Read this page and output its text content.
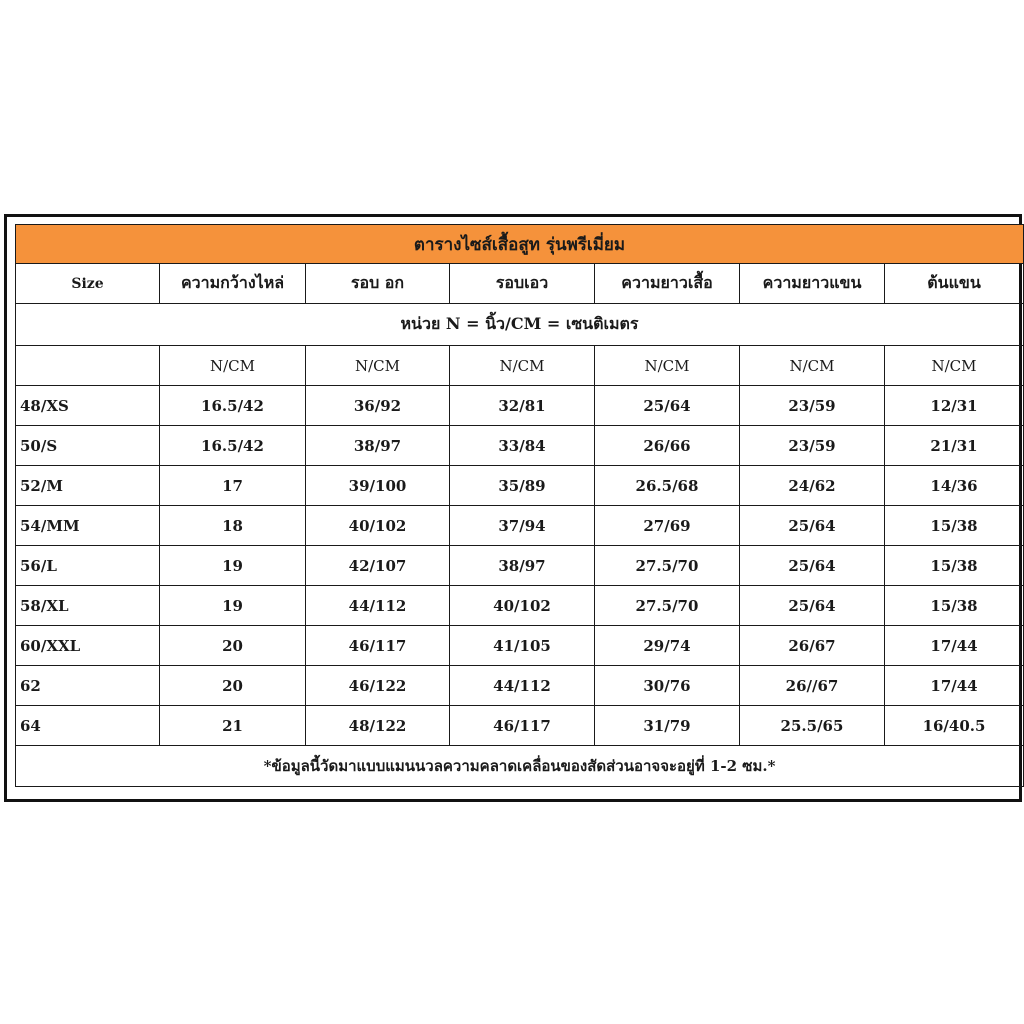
ตารางไซส์เสื้อสูท รุ่นพรีเมี่ยม						
Size	ความกว้างไหล่	รอบ อก	รอบเอว	ความยาวเสื้อ	ความยาวแขน	ต้นแขน
หน่วย N = นิ้ว/CM = เซนติเมตร						
	N/CM	N/CM	N/CM	N/CM	N/CM	N/CM
48/XS	16.5/42	36/92	32/81	25/64	23/59	12/31
50/S	16.5/42	38/97	33/84	26/66	23/59	21/31
52/M	17	39/100	35/89	26.5/68	24/62	14/36
54/MM	18	40/102	37/94	27/69	25/64	15/38
56/L	19	42/107	38/97	27.5/70	25/64	15/38
58/XL	19	44/112	40/102	27.5/70	25/64	15/38
60/XXL	20	46/117	41/105	29/74	26/67	17/44
62	20	46/122	44/112	30/76	26//67	17/44
64	21	48/122	46/117	31/79	25.5/65	16/40.5
*ข้อมูลนี้วัดมาแบบแมนนวลความคลาดเคลื่อนของสัดส่วนอาจจะอยู่ที่ 1-2 ซม.*						
